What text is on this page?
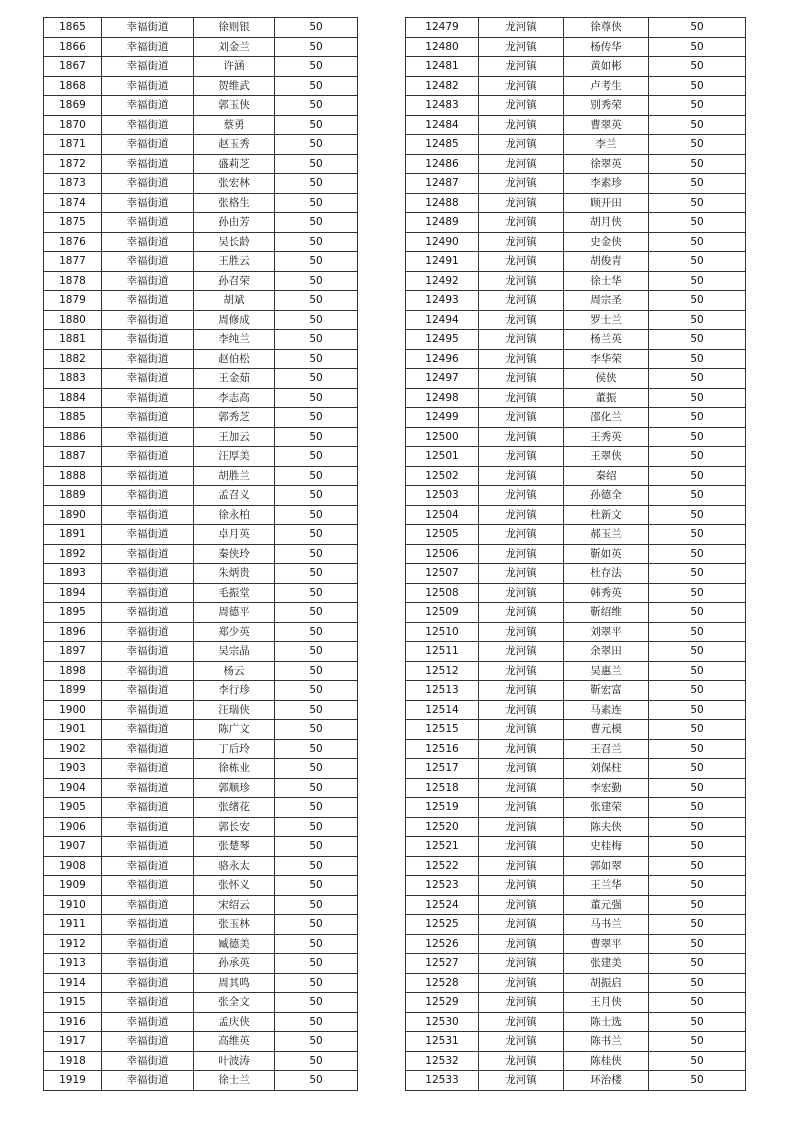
1865	幸福街道	徐则银	50
1866	幸福街道	刘金兰	50
1867	幸福街道	许涵	50
1868	幸福街道	贺维武	50
1869	幸福街道	郭玉侠	50
1870	幸福街道	蔡勇	50
1871	幸福街道	赵玉秀	50
1872	幸福街道	盛莉芝	50
1873	幸福街道	张宏林	50
1874	幸福街道	张格生	50
1875	幸福街道	孙由芳	50
1876	幸福街道	吴长龄	50
1877	幸福街道	王胜云	50
1878	幸福街道	孙召荣	50
1879	幸福街道	胡斌	50
1880	幸福街道	周修成	50
1881	幸福街道	李纯兰	50
1882	幸福街道	赵伯松	50
1883	幸福街道	王金茹	50
1884	幸福街道	李志高	50
1885	幸福街道	郭秀芝	50
1886	幸福街道	王加云	50
1887	幸福街道	汪厚美	50
1888	幸福街道	胡胜兰	50
1889	幸福街道	孟召义	50
1890	幸福街道	徐永柏	50
1891	幸福街道	卓月英	50
1892	幸福街道	秦侠玲	50
1893	幸福街道	朱炳贵	50
1894	幸福街道	毛振堂	50
1895	幸福街道	周德平	50
1896	幸福街道	郑少英	50
1897	幸福街道	吴宗晶	50
1898	幸福街道	杨云	50
1899	幸福街道	李行珍	50
1900	幸福街道	汪瑞侠	50
1901	幸福街道	陈广文	50
1902	幸福街道	丁后玲	50
1903	幸福街道	徐栋业	50
1904	幸福街道	郭顺珍	50
1905	幸福街道	张绪花	50
1906	幸福街道	郭长安	50
1907	幸福街道	张楚琴	50
1908	幸福街道	骆永太	50
1909	幸福街道	张怀义	50
1910	幸福街道	宋绍云	50
1911	幸福街道	张玉林	50
1912	幸福街道	臧德美	50
1913	幸福街道	孙承英	50
1914	幸福街道	周其鸣	50
1915	幸福街道	张全文	50
1916	幸福街道	孟庆侠	50
1917	幸福街道	高维英	50
1918	幸福街道	叶波涛	50
1919	幸福街道	徐士兰	50
12479	龙河镇	徐尊侠	50
12480	龙河镇	杨传华	50
12481	龙河镇	黄如彬	50
12482	龙河镇	卢考生	50
12483	龙河镇	别秀荣	50
12484	龙河镇	曹翠英	50
12485	龙河镇	李兰	50
12486	龙河镇	徐翠英	50
12487	龙河镇	李素珍	50
12488	龙河镇	顾开田	50
12489	龙河镇	胡月侠	50
12490	龙河镇	史金侠	50
12491	龙河镇	胡俊青	50
12492	龙河镇	徐士华	50
12493	龙河镇	周宗圣	50
12494	龙河镇	罗士兰	50
12495	龙河镇	杨兰英	50
12496	龙河镇	李华荣	50
12497	龙河镇	侯侠	50
12498	龙河镇	董振	50
12499	龙河镇	邵化兰	50
12500	龙河镇	王秀英	50
12501	龙河镇	王翠侠	50
12502	龙河镇	秦绍	50
12503	龙河镇	孙德全	50
12504	龙河镇	杜新文	50
12505	龙河镇	郝玉兰	50
12506	龙河镇	靳如英	50
12507	龙河镇	杜存法	50
12508	龙河镇	韩秀英	50
12509	龙河镇	靳绍维	50
12510	龙河镇	刘翠平	50
12511	龙河镇	余翠田	50
12512	龙河镇	吴惠兰	50
12513	龙河镇	靳宏富	50
12514	龙河镇	马素连	50
12515	龙河镇	曹元模	50
12516	龙河镇	王召兰	50
12517	龙河镇	刘保柱	50
12518	龙河镇	李宏勤	50
12519	龙河镇	张建荣	50
12520	龙河镇	陈夫侠	50
12521	龙河镇	史桂梅	50
12522	龙河镇	郭如翠	50
12523	龙河镇	王兰华	50
12524	龙河镇	董元强	50
12525	龙河镇	马书兰	50
12526	龙河镇	曹翠平	50
12527	龙河镇	张建美	50
12528	龙河镇	胡振启	50
12529	龙河镇	王月侠	50
12530	龙河镇	陈士选	50
12531	龙河镇	陈书兰	50
12532	龙河镇	陈桂侠	50
12533	龙河镇	环治楼	50
